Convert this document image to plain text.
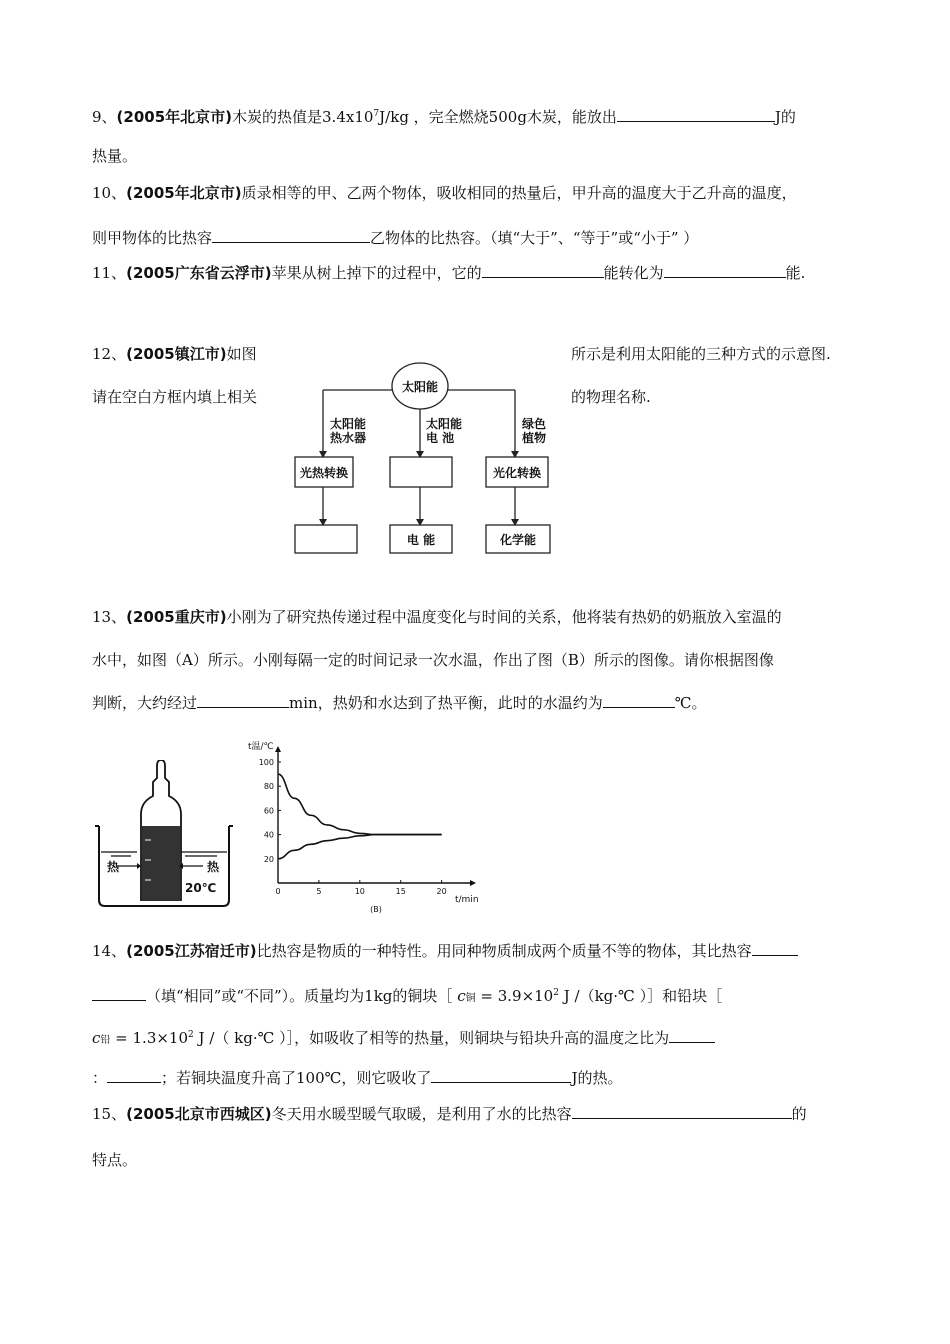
9、(2005年北京市)木炭的热值是$3.4x10^7J/kg$ ，完全燃烧500g木炭，能放出	J的
热量。
10、(2005年北京市)质录相等的甲、乙两个物体，吸收相同的热量后，甲升高的温度大于乙升高的温度，
则甲物体的比热容	乙物体的比热容。（填“大于”、“等于”或“小于” ）
11、(2005广东省云浮市)苹果从树上掉下的过程中，它的	能转化为	能.
12、(2005镇江市)如图	所示是利用太阳能的三种方式的示意图.
请在空白方框内填上相关	的物理名称.
太阳能
太阳能
热水器
太阳能
电 池
绿色
植物
光热转换	光化转换
电 能	化学能
13、(2005重庆市)小刚为了研究热传递过程中温度变化与时间的关系，他将装有热奶的奶瓶放入室温的
水中，如图（A）所示。小刚每隔一定的时间记录一次水温，作出了图（B）所示的图像。请你根据图像
判断，大约经过	min，热奶和水达到了热平衡，此时的水温约为	℃。
热	热
20℃
20
40
60
80
100
0	5	10	15	20
t温/℃
t/min
(B)
14、(2005江苏宿迁市)比热容是物质的一种特性。用同种物质制成两个质量不等的物体，其比热容
（填“相同”或“不同”）。质量均为1kg的铜块［ c铜 = $3.9\times 10^2$ J /（kg·℃ ）］和铅块［
c铅 = $1.3\times 10^2$ J /（ kg·℃ ）］，如吸收了相等的热量，则铜块与铅块升高的温度之比为
：	；若铜块温度升高了100℃，则它吸收了	J的热。
15、(2005北京市西城区)冬天用水暖型暖气取暖，是利用了水的比热容	的
特点。
